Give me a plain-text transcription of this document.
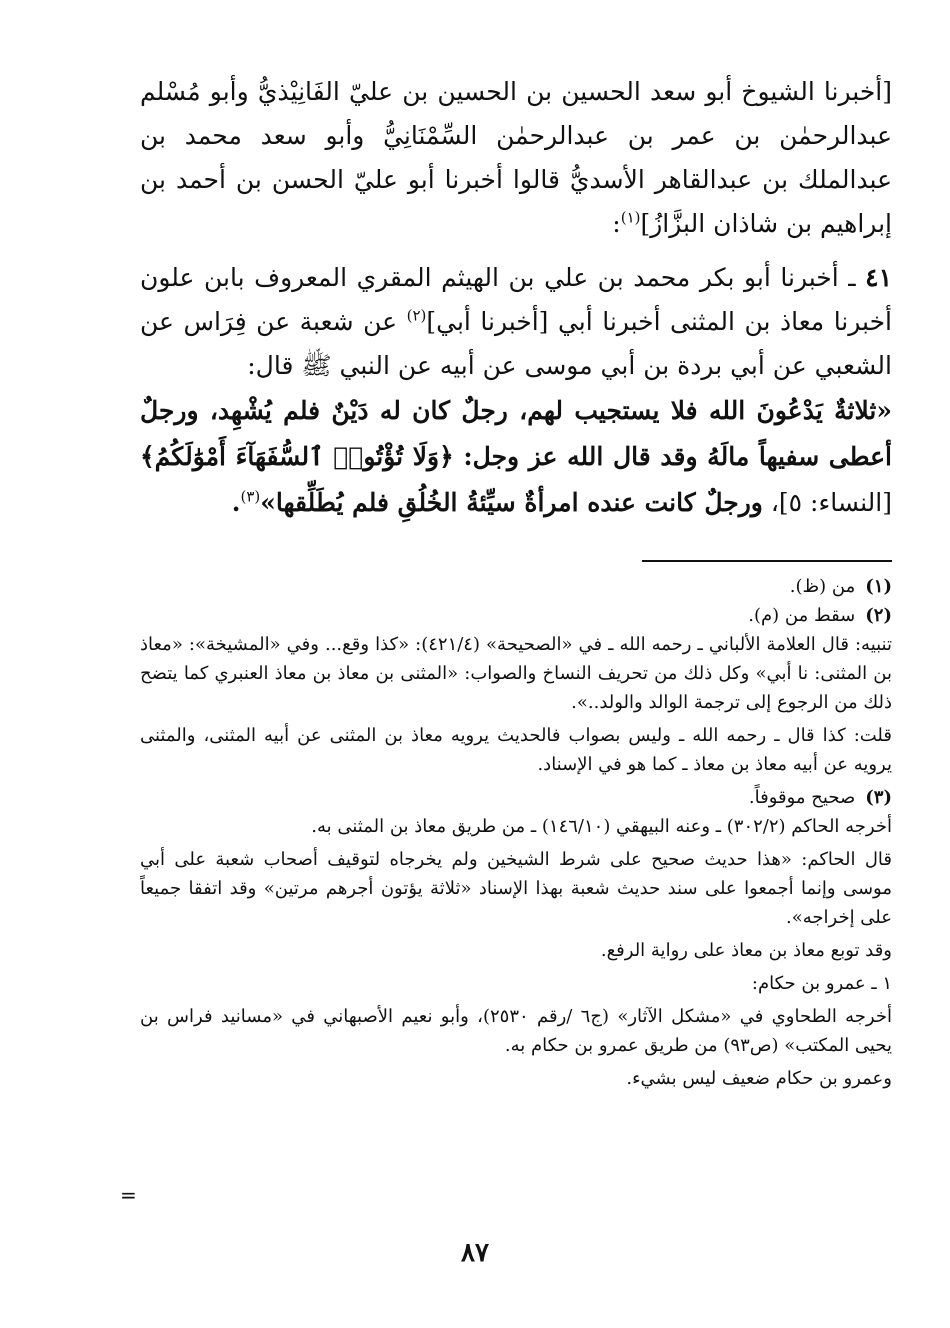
[أخبرنا الشيوخ أبو سعد الحسين بن الحسين بن عليّ الفَانِيْذيُّ وأبو مُسْلم عبدالرحمٰن بن عمر بن عبدالرحمٰن السِّمْنَانِيُّ وأبو سعد محمد بن عبدالملك بن عبدالقاهر الأسديُّ قالوا أخبرنا أبو عليّ الحسن بن أحمد بن إبراهيم بن شاذان البزَّازُ]$^{(١)}$:

٤١ ـ أخبرنا أبو بكر محمد بن علي بن الهيثم المقري المعروف بابن علون أخبرنا معاذ بن المثنى أخبرنا أبي [أخبرنا أبي]$^{(٢)}$ عن شعبة عن فِرَاس عن الشعبي عن أبي بردة بن أبي موسى عن أبيه عن النبي ﷺ قال:

«ثلاثةٌ يَدْعُونَ الله فلا يستجيب لهم، رجلٌ كان له دَيْنٌ فلم يُشْهِد، ورجلٌ أعطى سفيهاً مالَهُ وقد قال الله عز وجل: ﴿وَلَا تُؤْتُوا۟ ٱلسُّفَهَآءَ أَمْوَٰلَكُمُ﴾ [النساء: ٥]، ورجلٌ كانت عنده امرأةٌ سيِّئةُ الخُلُقِ فلم يُطَلِّقها»$^{(٣)}$.

(١)من (ظ).

(٢)سقط من (م).

تنبيه: قال العلامة الألباني ـ رحمه الله ـ في «الصحيحة» (٤٢١/٤): «كذا وقع... وفي «المشيخة»: «معاذ بن المثنى: نا أبي» وكل ذلك من تحريف النساخ والصواب: «المثنى بن معاذ بن معاذ العنبري كما يتضح ذلك من الرجوع إلى ترجمة الوالد والولد..».

قلت: كذا قال ـ رحمه الله ـ وليس بصواب فالحديث يرويه معاذ بن المثنى عن أبيه المثنى، والمثنى يرويه عن أبيه معاذ بن معاذ ـ كما هو في الإسناد.

(٣)صحيح موقوفاً.

أخرجه الحاكم (٣٠٢/٢) ـ وعنه البيهقي (١٤٦/١٠) ـ من طريق معاذ بن المثنى به.

قال الحاكم: «هذا حديث صحيح على شرط الشيخين ولم يخرجاه لتوقيف أصحاب شعبة على أبي موسى وإنما أجمعوا على سند حديث شعبة بهذا الإسناد «ثلاثة يؤتون أجرهم مرتين» وقد اتفقا جميعاً على إخراجه».

وقد توبع معاذ بن معاذ على رواية الرفع.

١ ـ عمرو بن حكام:

أخرجه الطحاوي في «مشكل الآثار» (ج٦ /رقم ٢٥٣٠)، وأبو نعيم الأصبهاني في «مسانيد فراس بن يحيى المكتب» (ص٩٣) من طريق عمرو بن حكام به.

وعمرو بن حكام ضعيف ليس بشيء.

=
٨٧
